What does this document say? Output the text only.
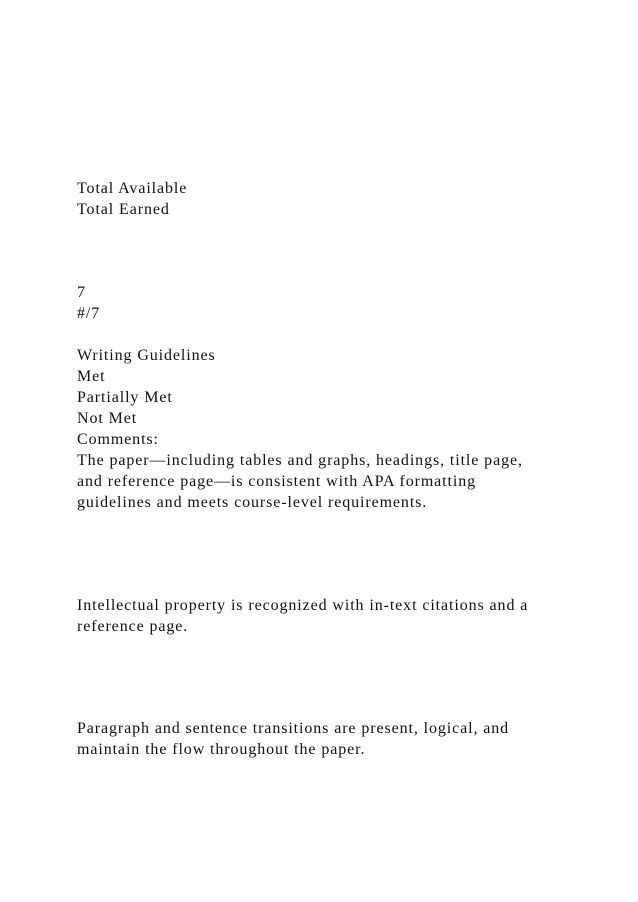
Total Available
Total Earned
7
#/7
Writing Guidelines
Met
Partially Met
Not Met
Comments:
The paper—including tables and graphs, headings, title page,
and reference page—is consistent with APA formatting
guidelines and meets course-level requirements.
Intellectual property is recognized with in-text citations and a
reference page.
Paragraph and sentence transitions are present, logical, and
maintain the flow throughout the paper.
